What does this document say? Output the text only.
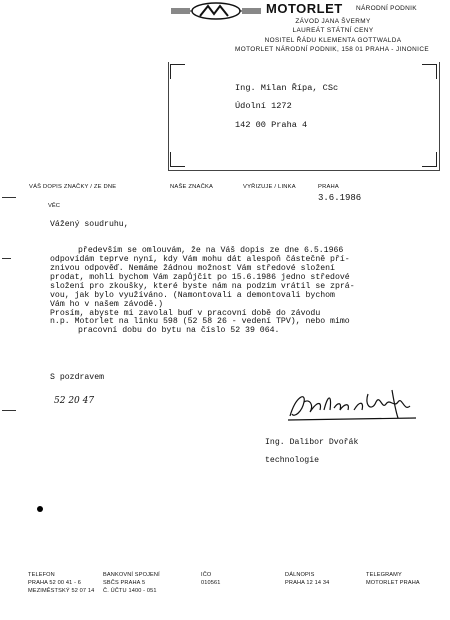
MOTORLET NÁRODNÍ PODNIK
ZÁVOD JANA ŠVERMY
LAUREÁT STÁTNÍ CENY
NOSITEL ŘÁDU KLEMENTA GOTTWALDA
MOTORLET NÁRODNÍ PODNIK, 158 01 PRAHA - JINONICE
Ing. Milan Řípa, CSc
Údolní 1272
142 00 Praha 4
VÁŠ DOPIS ZNAČKY / ZE DNE	NAŠE ZNAČKA	VYŘIZUJE / LINKA	PRAHA
3.6.1986
VĚC
Vážený soudruhu,
především se omlouvám, že na Váš dopis ze dne 6.5.1966
odpovídám teprve nyní, kdy Vám mohu dát alespoň částečně pří-
znivou odpověď. Nemáme žádnou možnost Vám středové složení
prodat, mohli bychom Vám zapůjčit po 15.6.1986 jedno středové
složení pro zkoušky, které byste nám na podzim vrátil se zprá-
vou, jak bylo využíváno. (Namontovali a demontovali bychom
Vám ho v našem závodě.)
Prosím, abyste mi zavolal buď v pracovní době do závodu
n.p. Motorlet na linku 598 (52 58 26 - vedení TPV), nebo mimo
pracovní dobu do bytu na číslo 52 39 064.
S pozdravem
52 20 47
Ing. Dalibor Dvořák
technologie
TELEFON
PRAHA 52 00 41 - 6
MEZIMĚSTSKÝ 52 07 14
BANKOVNÍ SPOJENÍ
SBČS PRAHA 5
Č. ÚČTU 1400 - 051
IČO
010561
DÁLNOPIS
PRAHA 12 14 34
TELEGRAMY
MOTORLET PRAHA
